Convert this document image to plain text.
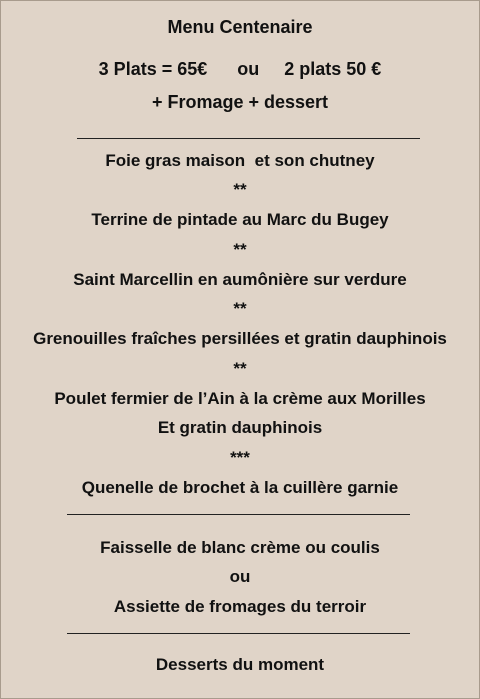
Menu Centenaire
3 Plats = 65€      ou     2 plats 50 €
+ Fromage + dessert
Foie gras maison  et son chutney
**
Terrine de pintade au Marc du Bugey
**
Saint Marcellin en aumônière sur verdure
**
Grenouilles fraîches persillées et gratin dauphinois
**
Poulet fermier de l’Ain à la crème aux Morilles
Et gratin dauphinois
***
Quenelle de brochet à la cuillère garnie
Faisselle de blanc crème ou coulis
ou
Assiette de fromages du terroir
Desserts du moment
